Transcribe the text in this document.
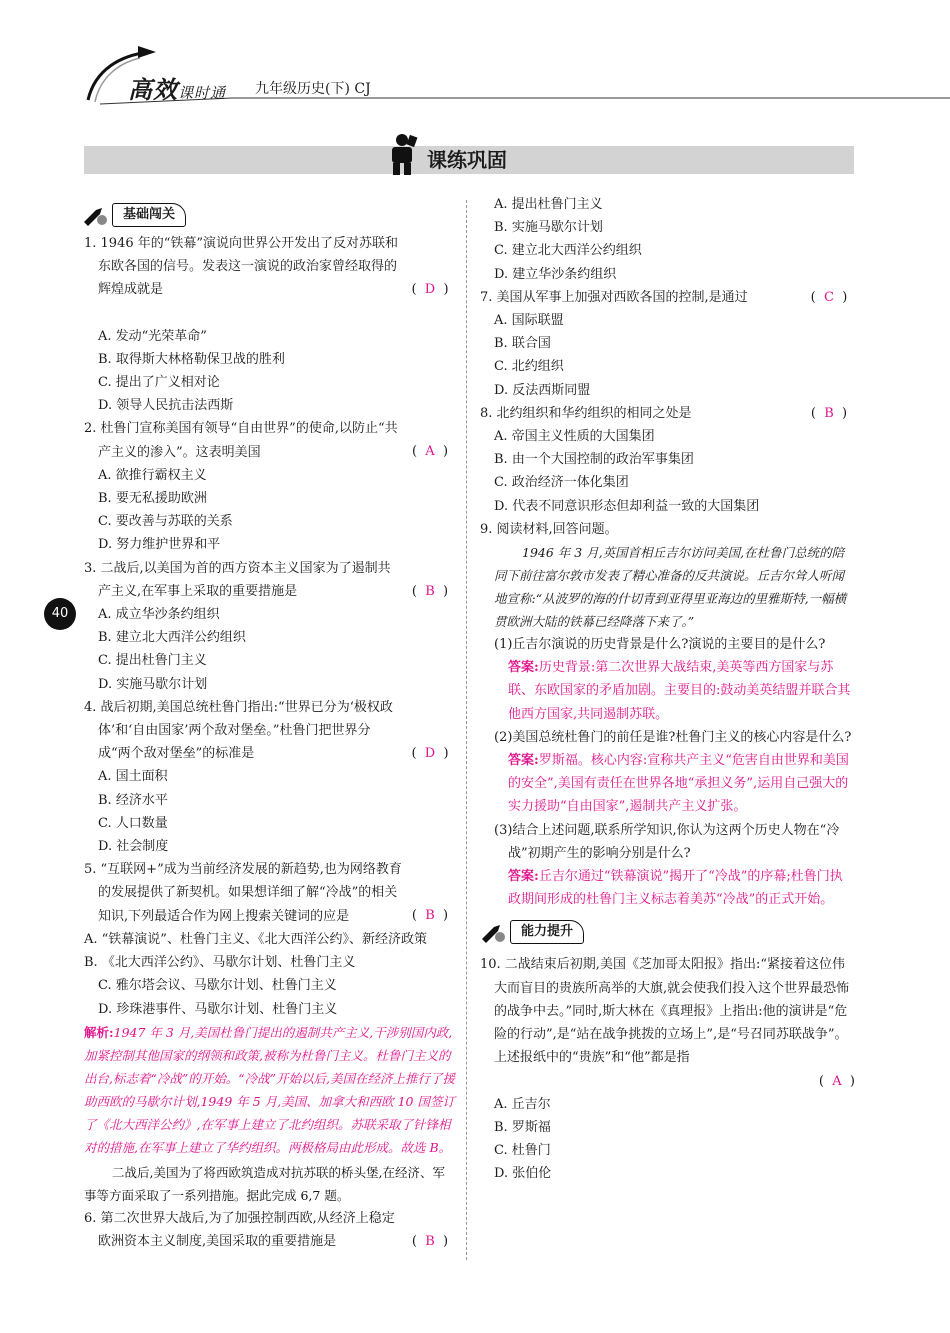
高效课时通 九年级历史(下) CJ
课练巩固
40
基础闯关
1. 1946 年的“铁幕”演说向世界公开发出了反对苏联和东欧各国的信号。发表这一演说的政治家曾经取得的辉煌成就是	(  D  )
A. 发动“光荣革命”
B. 取得斯大林格勒保卫战的胜利
C. 提出了广义相对论
D. 领导人民抗击法西斯
2. 杜鲁门宣称美国有领导“自由世界”的使命,以防止“共产主义的渗入”。这表明美国	(  A  )
A. 欲推行霸权主义
B. 要无私援助欧洲
C. 要改善与苏联的关系
D. 努力维护世界和平
3. 二战后,以美国为首的西方资本主义国家为了遏制共产主义,在军事上采取的重要措施是	(  B  )
A. 成立华沙条约组织
B. 建立北大西洋公约组织
C. 提出杜鲁门主义
D. 实施马歇尔计划
4. 战后初期,美国总统杜鲁门指出:“世界已分为‘极权政体’和‘自由国家’两个敌对堡垒。”杜鲁门把世界分成“两个敌对堡垒”的标准是	(  D  )
A. 国土面积
B. 经济水平
C. 人口数量
D. 社会制度
5. “互联网+”成为当前经济发展的新趋势,也为网络教育的发展提供了新契机。如果想详细了解“冷战”的相关知识,下列最适合作为网上搜索关键词的应是	(  B  )
A. “铁幕演说”、杜鲁门主义、《北大西洋公约》、新经济政策
B. 《北大西洋公约》、马歇尔计划、杜鲁门主义
C. 雅尔塔会议、马歇尔计划、杜鲁门主义
D. 珍珠港事件、马歇尔计划、杜鲁门主义
解析:1947 年 3 月,美国杜鲁门提出的遏制共产主义,干涉别国内政,加紧控制其他国家的纲领和政策,被称为杜鲁门主义。杜鲁门主义的出台,标志着“冷战”的开始。“冷战”开始以后,美国在经济上推行了援助西欧的马歇尔计划,1949 年 5 月,美国、加拿大和西欧 10 国签订了《北大西洋公约》,在军事上建立了北约组织。苏联采取了针锋相对的措施,在军事上建立了华约组织。两极格局由此形成。故选 B。
二战后,美国为了将西欧筑造成对抗苏联的桥头堡,在经济、军事等方面采取了一系列措施。据此完成 6,7 题。
6. 第二次世界大战后,为了加强控制西欧,从经济上稳定欧洲资本主义制度,美国采取的重要措施是	(  B  )
A. 提出杜鲁门主义
B. 实施马歇尔计划
C. 建立北大西洋公约组织
D. 建立华沙条约组织
7. 美国从军事上加强对西欧各国的控制,是通过	(  C  )
A. 国际联盟
B. 联合国
C. 北约组织
D. 反法西斯同盟
8. 北约组织和华约组织的相同之处是	(  B  )
A. 帝国主义性质的大国集团
B. 由一个大国控制的政治军事集团
C. 政治经济一体化集团
D. 代表不同意识形态但却利益一致的大国集团
9. 阅读材料,回答问题。
1946 年 3 月,英国首相丘吉尔访问美国,在杜鲁门总统的陪同下前往富尔敦市发表了精心准备的反共演说。丘吉尔耸人听闻地宣称:“从波罗的海的什切青到亚得里亚海边的里雅斯特,一幅横贯欧洲大陆的铁幕已经降落下来了。”
(1)丘吉尔演说的历史背景是什么?演说的主要目的是什么?
答案:历史背景:第二次世界大战结束,美英等西方国家与苏联、东欧国家的矛盾加剧。主要目的:鼓动美英结盟并联合其他西方国家,共同遏制苏联。
(2)美国总统杜鲁门的前任是谁?杜鲁门主义的核心内容是什么?
答案:罗斯福。核心内容:宣称共产主义“危害自由世界和美国的安全”,美国有责任在世界各地“承担义务”,运用自己强大的实力援助“自由国家”,遏制共产主义扩张。
(3)结合上述问题,联系所学知识,你认为这两个历史人物在“冷战”初期产生的影响分别是什么?
答案:丘吉尔通过“铁幕演说”揭开了“冷战”的序幕;杜鲁门执政期间形成的杜鲁门主义标志着美苏“冷战”的正式开始。
能力提升
10. 二战结束后初期,美国《芝加哥太阳报》指出:“紧接着这位伟大而盲目的贵族所高举的大旗,就会使我们投入这个世界最恐怖的战争中去。”同时,斯大林在《真理报》上指出:他的演讲是“危险的行动”,是“站在战争挑拨的立场上”,是“号召同苏联战争”。上述报纸中的“贵族”和“他”都是指
(  A  )
A. 丘吉尔
B. 罗斯福
C. 杜鲁门
D. 张伯伦
